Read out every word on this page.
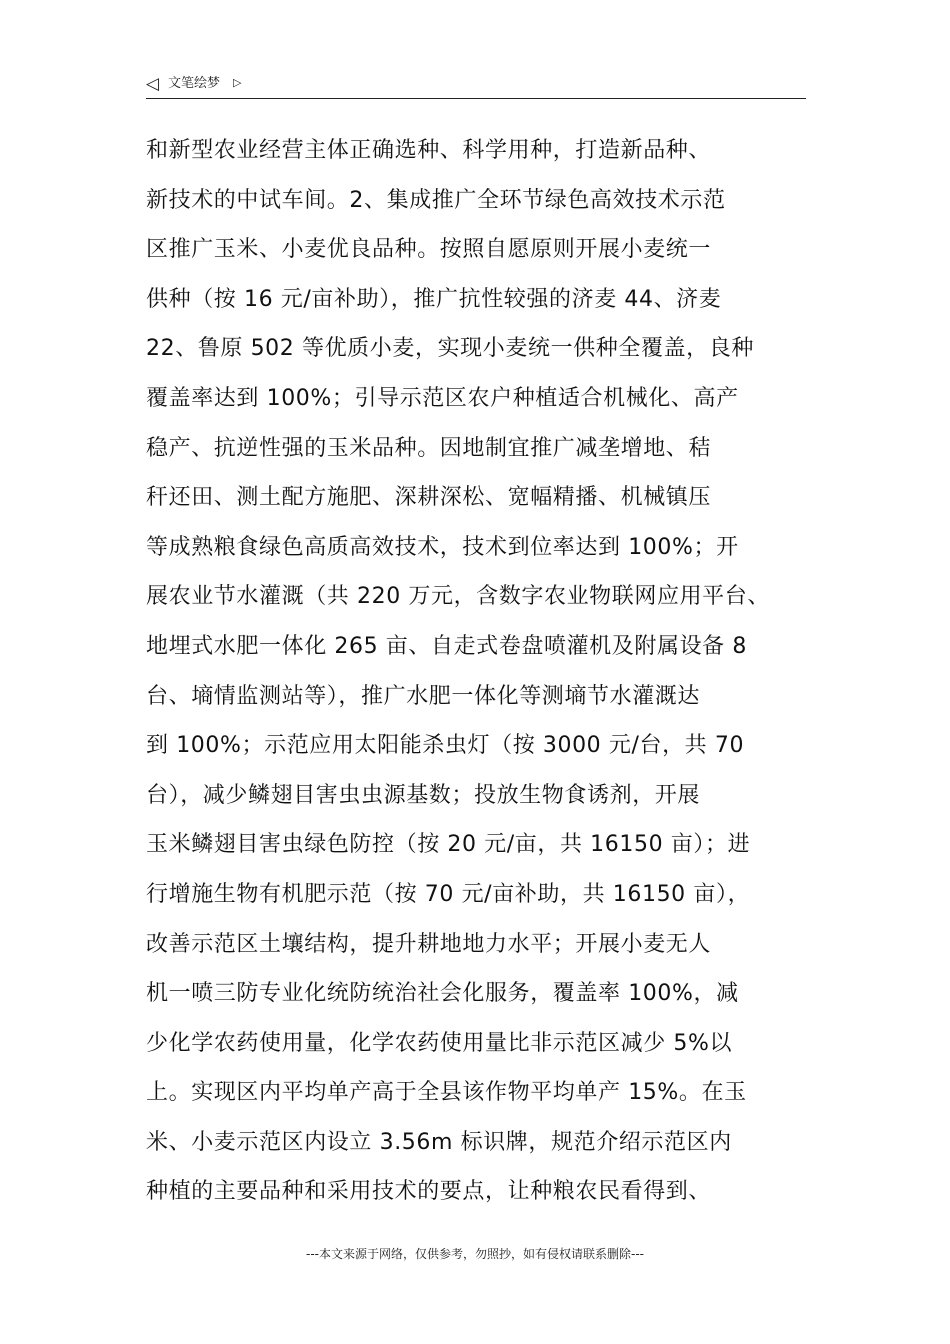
◁ 文笔绘梦 ▷
和新型农业经营主体正确选种、科学用种，打造新品种、
新技术的中试车间。2、集成推广全环节绿色高效技术示范
区推广玉米、小麦优良品种。按照自愿原则开展小麦统一
供种（按 16 元/亩补助），推广抗性较强的济麦 44、济麦
22、鲁原 502 等优质小麦，实现小麦统一供种全覆盖，良种
覆盖率达到 100%；引导示范区农户种植适合机械化、高产
稳产、抗逆性强的玉米品种。因地制宜推广减垄增地、秸
秆还田、测土配方施肥、深耕深松、宽幅精播、机械镇压
等成熟粮食绿色高质高效技术，技术到位率达到 100%；开
展农业节水灌溉（共 220 万元，含数字农业物联网应用平台、
地埋式水肥一体化 265 亩、自走式卷盘喷灌机及附属设备 8
台、墒情监测站等），推广水肥一体化等测墒节水灌溉达
到 100%；示范应用太阳能杀虫灯（按 3000 元/台，共 70
台），减少鳞翅目害虫虫源基数；投放生物食诱剂，开展
玉米鳞翅目害虫绿色防控（按 20 元/亩，共 16150 亩）；进
行增施生物有机肥示范（按 70 元/亩补助，共 16150 亩），
改善示范区土壤结构，提升耕地地力水平；开展小麦无人
机一喷三防专业化统防统治社会化服务，覆盖率 100%，减
少化学农药使用量，化学农药使用量比非示范区减少 5%以
上。实现区内平均单产高于全县该作物平均单产 15%。在玉
米、小麦示范区内设立 3.56m 标识牌，规范介绍示范区内
种植的主要品种和采用技术的要点，让种粮农民看得到、
---本文来源于网络，仅供参考，勿照抄，如有侵权请联系删除---
